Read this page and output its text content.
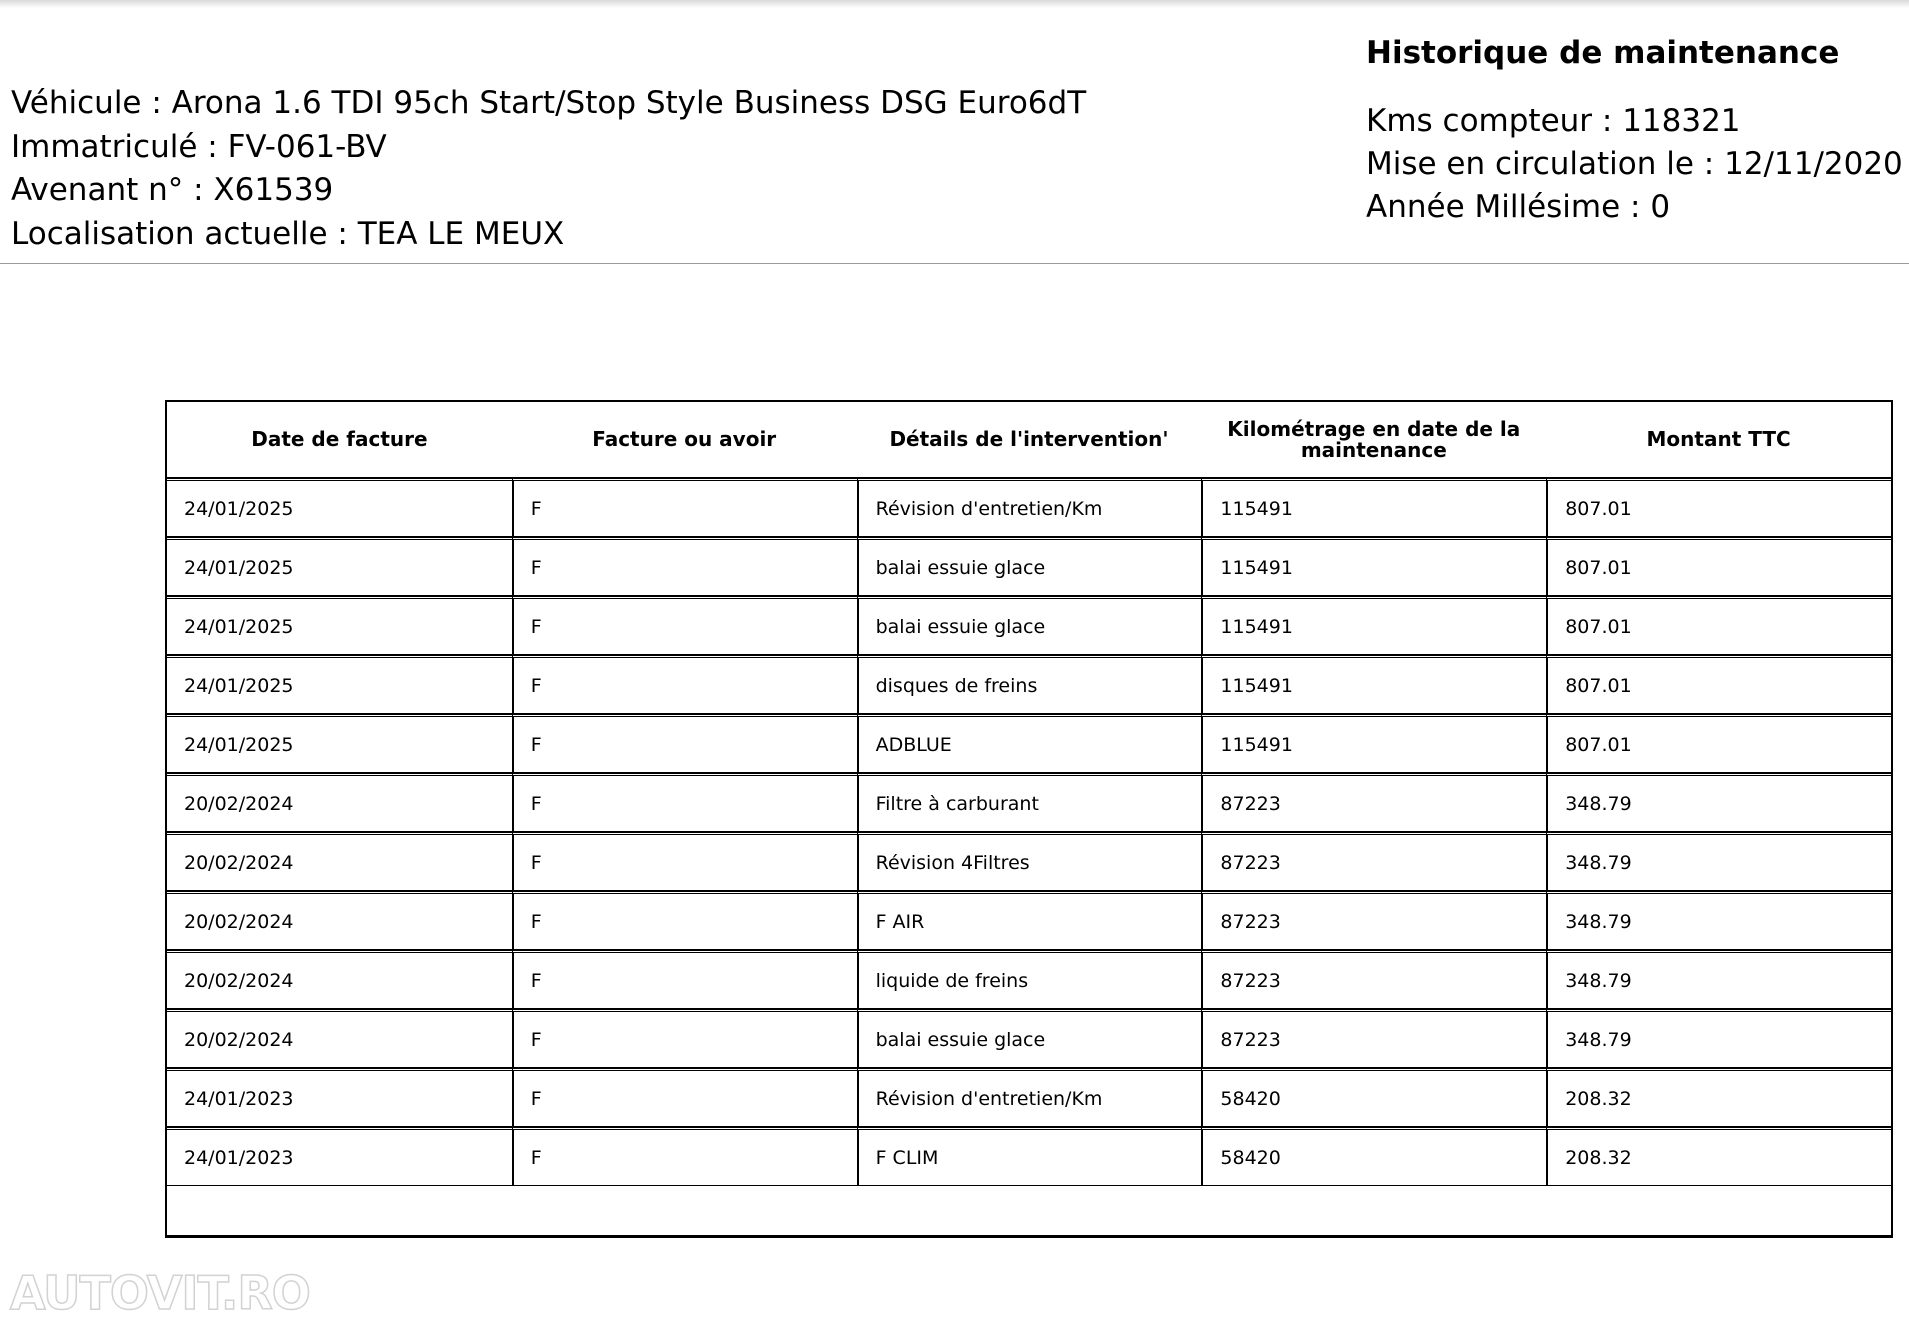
Véhicule : Arona 1.6 TDI 95ch Start/Stop Style Business DSG Euro6dT
Immatriculé : FV-061-BV
Avenant n° : X61539
Localisation actuelle : TEA LE MEUX
Historique de maintenance
Kms compteur : 118321
Mise en circulation le : 12/11/2020
Année Millésime : 0
Date de facture	Facture ou avoir	Détails de l'intervention'	Kilométrage en date de la maintenance	Montant TTC
24/01/2025	F	Révision d'entretien/Km	115491	807.01
24/01/2025	F	balai essuie glace	115491	807.01
24/01/2025	F	balai essuie glace	115491	807.01
24/01/2025	F	disques de freins	115491	807.01
24/01/2025	F	ADBLUE	115491	807.01
20/02/2024	F	Filtre à carburant	87223	348.79
20/02/2024	F	Révision 4Filtres	87223	348.79
20/02/2024	F	F AIR	87223	348.79
20/02/2024	F	liquide de freins	87223	348.79
20/02/2024	F	balai essuie glace	87223	348.79
24/01/2023	F	Révision d'entretien/Km	58420	208.32
24/01/2023	F	F CLIM	58420	208.32
AUTOVIT.RO
